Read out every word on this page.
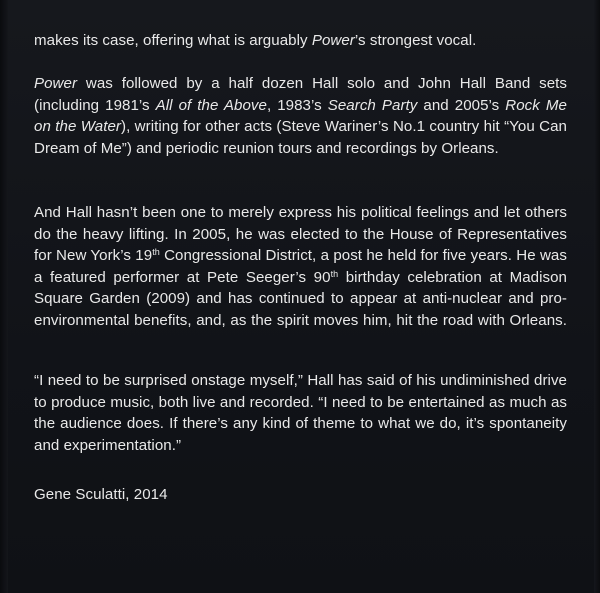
makes its case, offering what is arguably Power’s strongest vocal.
Power was followed by a half dozen Hall solo and John Hall Band sets
(including 1981’s All of the Above, 1983’s Search Party and 2005’s Rock Me
on the Water), writing for other acts (Steve Wariner’s No.1 country hit “You Can
Dream of Me”) and periodic reunion tours and recordings by Orleans.
And Hall hasn’t been one to merely express his political feelings and let others
do the heavy lifting. In 2005, he was elected to the House of Representatives
for New York’s 19th Congressional District, a post he held for five years. He was
a featured performer at Pete Seeger’s 90th birthday celebration at Madison
Square Garden (2009) and has continued to appear at anti-nuclear and pro-
environmental benefits, and, as the spirit moves him, hit the road with Orleans.
“I need to be surprised onstage myself,” Hall has said of his undiminished drive
to produce music, both live and recorded. “I need to be entertained as much as
the audience does. If there’s any kind of theme to what we do, it’s spontaneity
and experimentation.”
Gene Sculatti, 2014
